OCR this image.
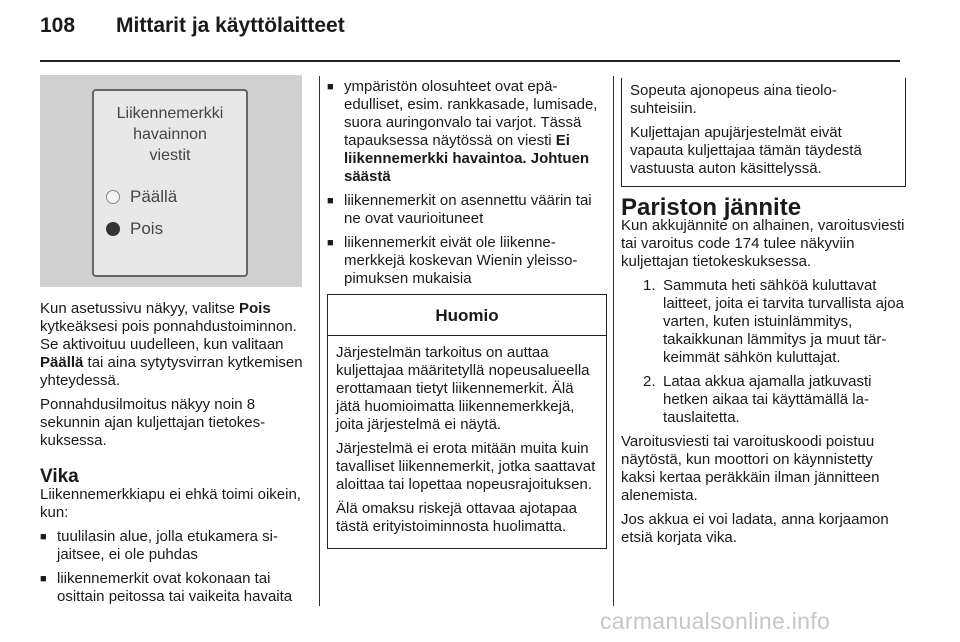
108 Mittarit ja käyttölaitteet
Liikennemerkki
havainnon
viestit
Päällä
Pois

Kun asetussivu näkyy, valitse Pois kytkeäksesi pois ponnahdustoiminnon. Se aktivoituu uudelleen, kun valitaan Päällä tai aina sytytysvirran kytkemisen yhteydessä.

Ponnahdusilmoitus näkyy noin 8 sekunnin ajan kuljettajan tietokeskuksessa.

Vika

Liikennemerkkiapu ei ehkä toimi oikein, kun:

■ tuulilasin alue, jolla etukamera sijaitsee, ei ole puhdas

■ liikennemerkit ovat kokonaan tai osittain peitossa tai vaikeita havaita

■ ympäristön olosuhteet ovat epäedulliset, esim. rankkasade, lumisade, suora auringonvalo tai varjot. Tässä tapauksessa näytössä on viesti Ei liikennemerkki havaintoa. Johtuen säästä

■ liikennemerkit on asennettu väärin tai ne ovat vaurioituneet

■ liikennemerkit eivät ole liikennemerkkejä koskevan Wienin yleissopimuksen mukaisia

Huomio

Järjestelmän tarkoitus on auttaa kuljettajaa määritetyllä nopeusalueella erottamaan tietyt liikennemerkit. Älä jätä huomioimatta liikennemerkkejä, joita järjestelmä ei näytä.

Järjestelmä ei erota mitään muita kuin tavalliset liikennemerkit, jotka saattavat aloittaa tai lopettaa nopeusrajoituksen.

Älä omaksu riskejä ottavaa ajotapaa tästä erityistoiminnosta huolimatta.

Sopeuta ajonopeus aina tieolosuhteisiin.

Kuljettajan apujärjestelmät eivät vapauta kuljettajaa tämän täydestä vastuusta auton käsittelyssä.

Pariston jännite

Kun akkujännite on alhainen, varoitusviesti tai varoitus code 174 tulee näkyviin kuljettajan tietokeskuksessa.

1. Sammuta heti sähköä kuluttavat laitteet, joita ei tarvita turvallista ajoa varten, kuten istuinlämmitys, takaikkunan lämmitys ja muut tärkeimmät sähkön kuluttajat.
2. Lataa akkua ajamalla jatkuvasti hetken aikaa tai käyttämällä latauslaitetta.

Varoitusviesti tai varoituskoodi poistuu näytöstä, kun moottori on käynnistetty kaksi kertaa peräkkäin ilman jännitteen alenemista.

Jos akkua ei voi ladata, anna korjaamon etsiä korjata vika.

carmanualsonline.info
